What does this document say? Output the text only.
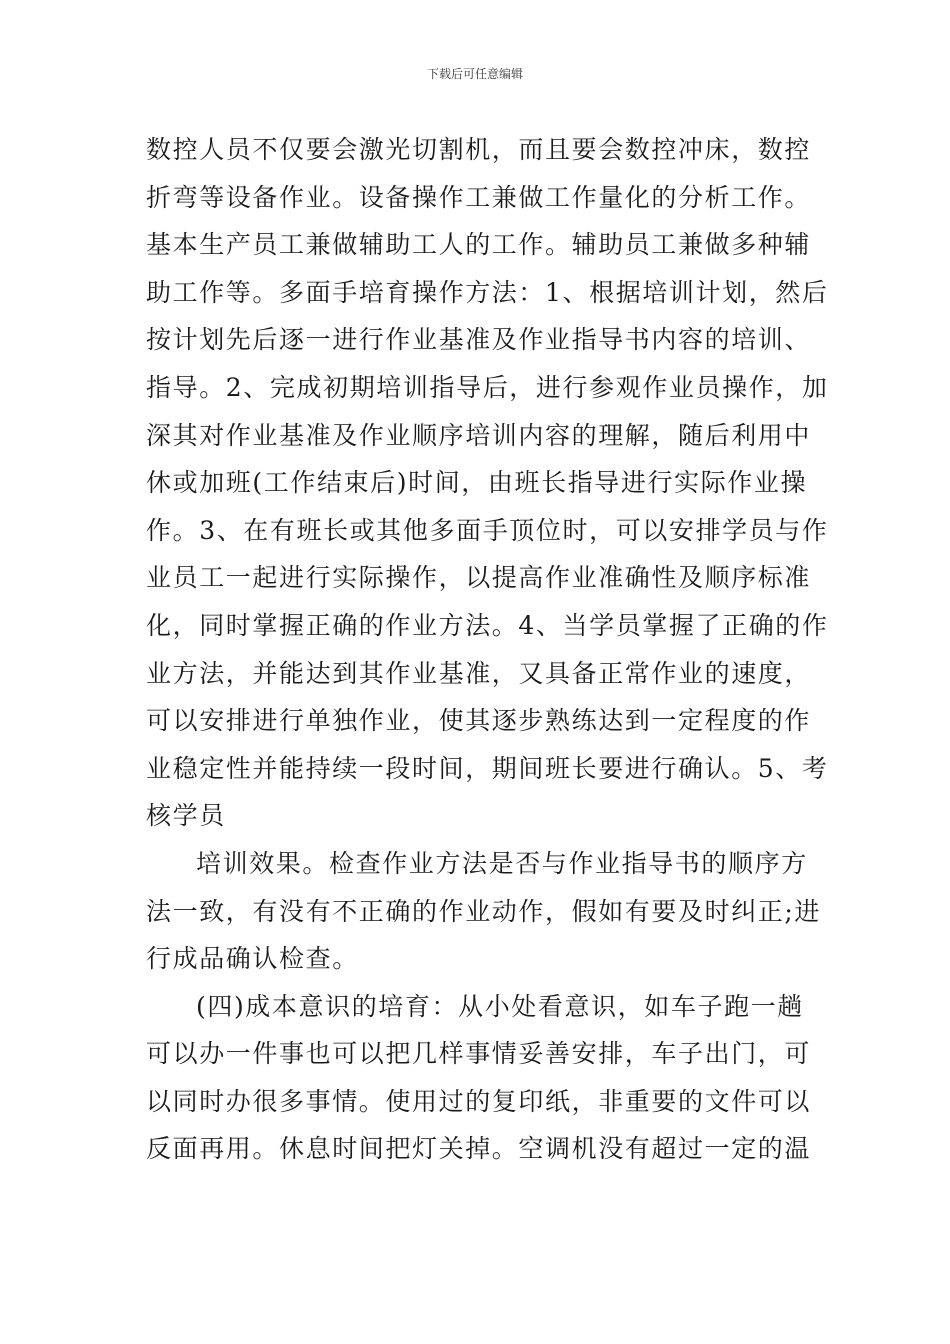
下载后可任意编辑
数控人员不仅要会激光切割机，而且要会数控冲床，数控
折弯等设备作业。设备操作工兼做工作量化的分析工作。
基本生产员工兼做辅助工人的工作。辅助员工兼做多种辅
助工作等。多面手培育操作方法：1、根据培训计划，然后
按计划先后逐一进行作业基准及作业指导书内容的培训、
指导。2、完成初期培训指导后，进行参观作业员操作，加
深其对作业基准及作业顺序培训内容的理解，随后利用中
休或加班(工作结束后)时间，由班长指导进行实际作业操
作。3、在有班长或其他多面手顶位时，可以安排学员与作
业员工一起进行实际操作，以提高作业准确性及顺序标准
化，同时掌握正确的作业方法。4、当学员掌握了正确的作
业方法，并能达到其作业基准，又具备正常作业的速度，
可以安排进行单独作业，使其逐步熟练达到一定程度的作
业稳定性并能持续一段时间，期间班长要进行确认。5、考
核学员
培训效果。检查作业方法是否与作业指导书的顺序方
法一致，有没有不正确的作业动作，假如有要及时纠正;进
行成品确认检查。
(四)成本意识的培育：从小处看意识，如车子跑一趟
可以办一件事也可以把几样事情妥善安排，车子出门，可
以同时办很多事情。使用过的复印纸，非重要的文件可以
反面再用。休息时间把灯关掉。空调机没有超过一定的温
